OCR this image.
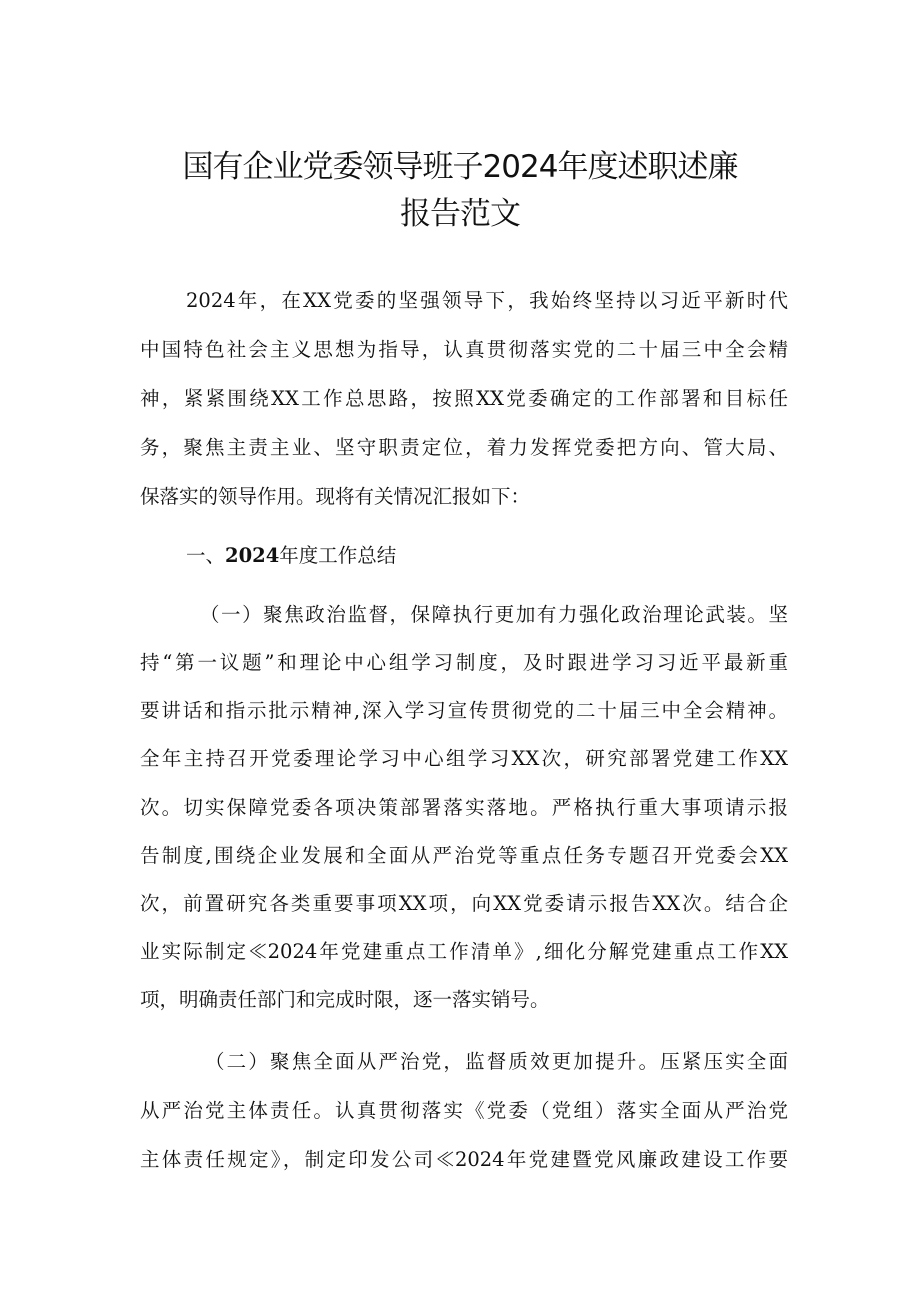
国有企业党委领导班子2024年度述职述廉
报告范文
2024年，在XX党委的坚强领导下，我始终坚持以习近平新时代
中国特色社会主义思想为指导，认真贯彻落实党的二十届三中全会精
神，紧紧围绕XX工作总思路，按照XX党委确定的工作部署和目标任
务，聚焦主责主业、坚守职责定位，着力发挥党委把方向、管大局、
保落实的领导作用。现将有关情况汇报如下：
一、2024年度工作总结
（一）聚焦政治监督，保障执行更加有力强化政治理论武装。坚
持“第一议题”和理论中心组学习制度，及时跟进学习习近平最新重
要讲话和指示批示精神,深入学习宣传贯彻党的二十届三中全会精神。
全年主持召开党委理论学习中心组学习XX次，研究部署党建工作XX
次。切实保障党委各项决策部署落实落地。严格执行重大事项请示报
告制度,围绕企业发展和全面从严治党等重点任务专题召开党委会XX
次，前置研究各类重要事项XX项，向XX党委请示报告XX次。结合企
业实际制定≪2024年党建重点工作清单》,细化分解党建重点工作XX
项，明确责任部门和完成时限，逐一落实销号。
（二）聚焦全面从严治党，监督质效更加提升。压紧压实全面
从严治党主体责任。认真贯彻落实《党委（党组）落实全面从严治党
主体责任规定》，制定印发公司≪2024年党建暨党风廉政建设工作要
